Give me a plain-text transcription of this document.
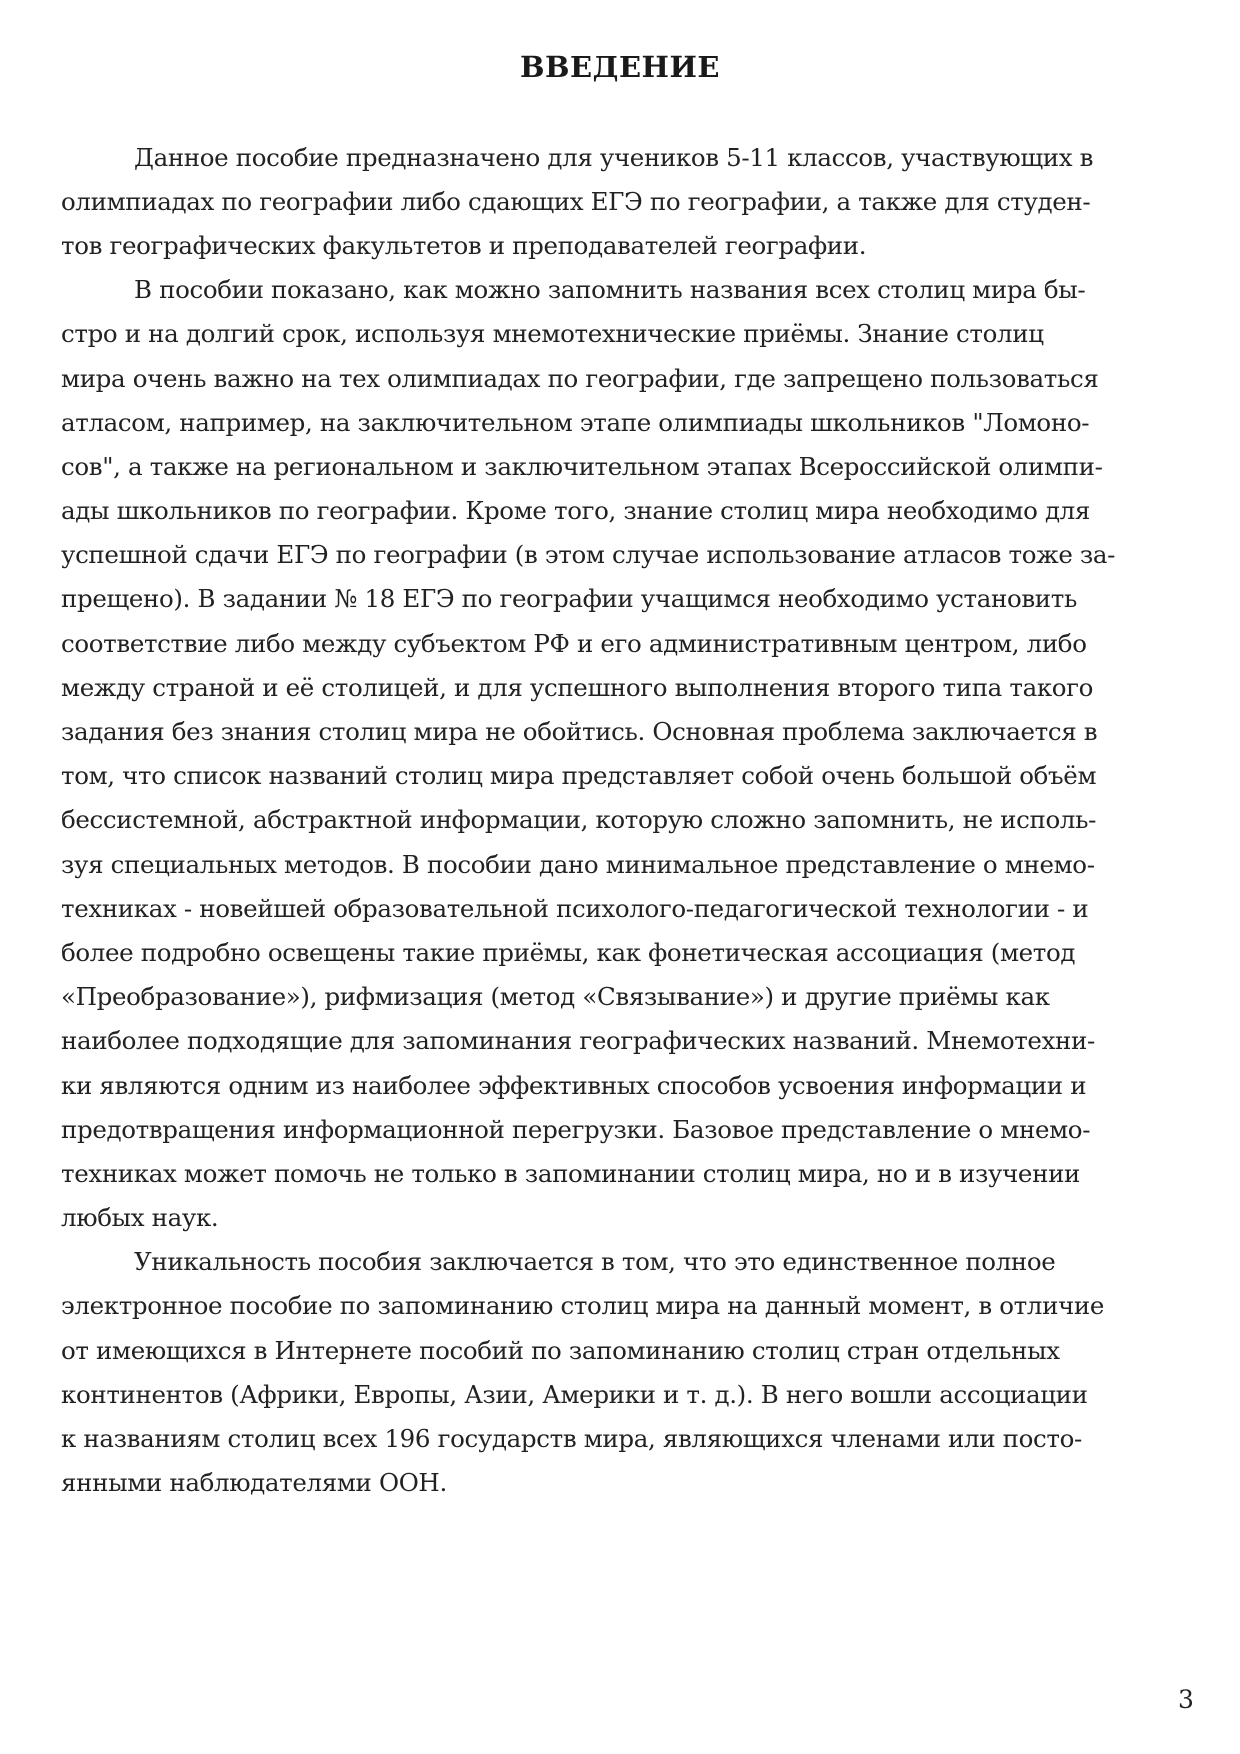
ВВЕДЕНИЕ
Данное пособие предназначено для учеников 5-11 классов, участвующих в
олимпиадах по географии либо сдающих ЕГЭ по географии, а также для студен-
тов географических факультетов и преподавателей географии.
В пособии показано, как можно запомнить названия всех столиц мира бы-
стро и на долгий срок, используя мнемотехнические приёмы. Знание столиц
мира очень важно на тех олимпиадах по географии, где запрещено пользоваться
атласом, например, на заключительном этапе олимпиады школьников "Ломоно-
сов", а также на региональном и заключительном этапах Всероссийской олимпи-
ады школьников по географии. Кроме того, знание столиц мира необходимо для
успешной сдачи ЕГЭ по географии (в этом случае использование атласов тоже за-
прещено). В задании № 18 ЕГЭ по географии учащимся необходимо установить
соответствие либо между субъектом РФ и его административным центром, либо
между страной и её столицей, и для успешного выполнения второго типа такого
задания без знания столиц мира не обойтись. Основная проблема заключается в
том, что список названий столиц мира представляет собой очень большой объём
бессистемной, абстрактной информации, которую сложно запомнить, не исполь-
зуя специальных методов. В пособии дано минимальное представление о мнемо-
техниках - новейшей образовательной психолого-педагогической технологии - и
более подробно освещены такие приёмы, как фонетическая ассоциация (метод
«Преобразование»), рифмизация (метод «Связывание») и другие приёмы как
наиболее подходящие для запоминания географических названий. Мнемотехни-
ки являются одним из наиболее эффективных способов усвоения информации и
предотвращения информационной перегрузки. Базовое представление о мнемо-
техниках может помочь не только в запоминании столиц мира, но и в изучении
любых наук.
Уникальность пособия заключается в том, что это единственное полное
электронное пособие по запоминанию столиц мира на данный момент, в отличие
от имеющихся в Интернете пособий по запоминанию столиц стран отдельных
континентов (Африки, Европы, Азии, Америки и т. д.). В него вошли ассоциации
к названиям столиц всех 196 государств мира, являющихся членами или посто-
янными наблюдателями ООН.
3
